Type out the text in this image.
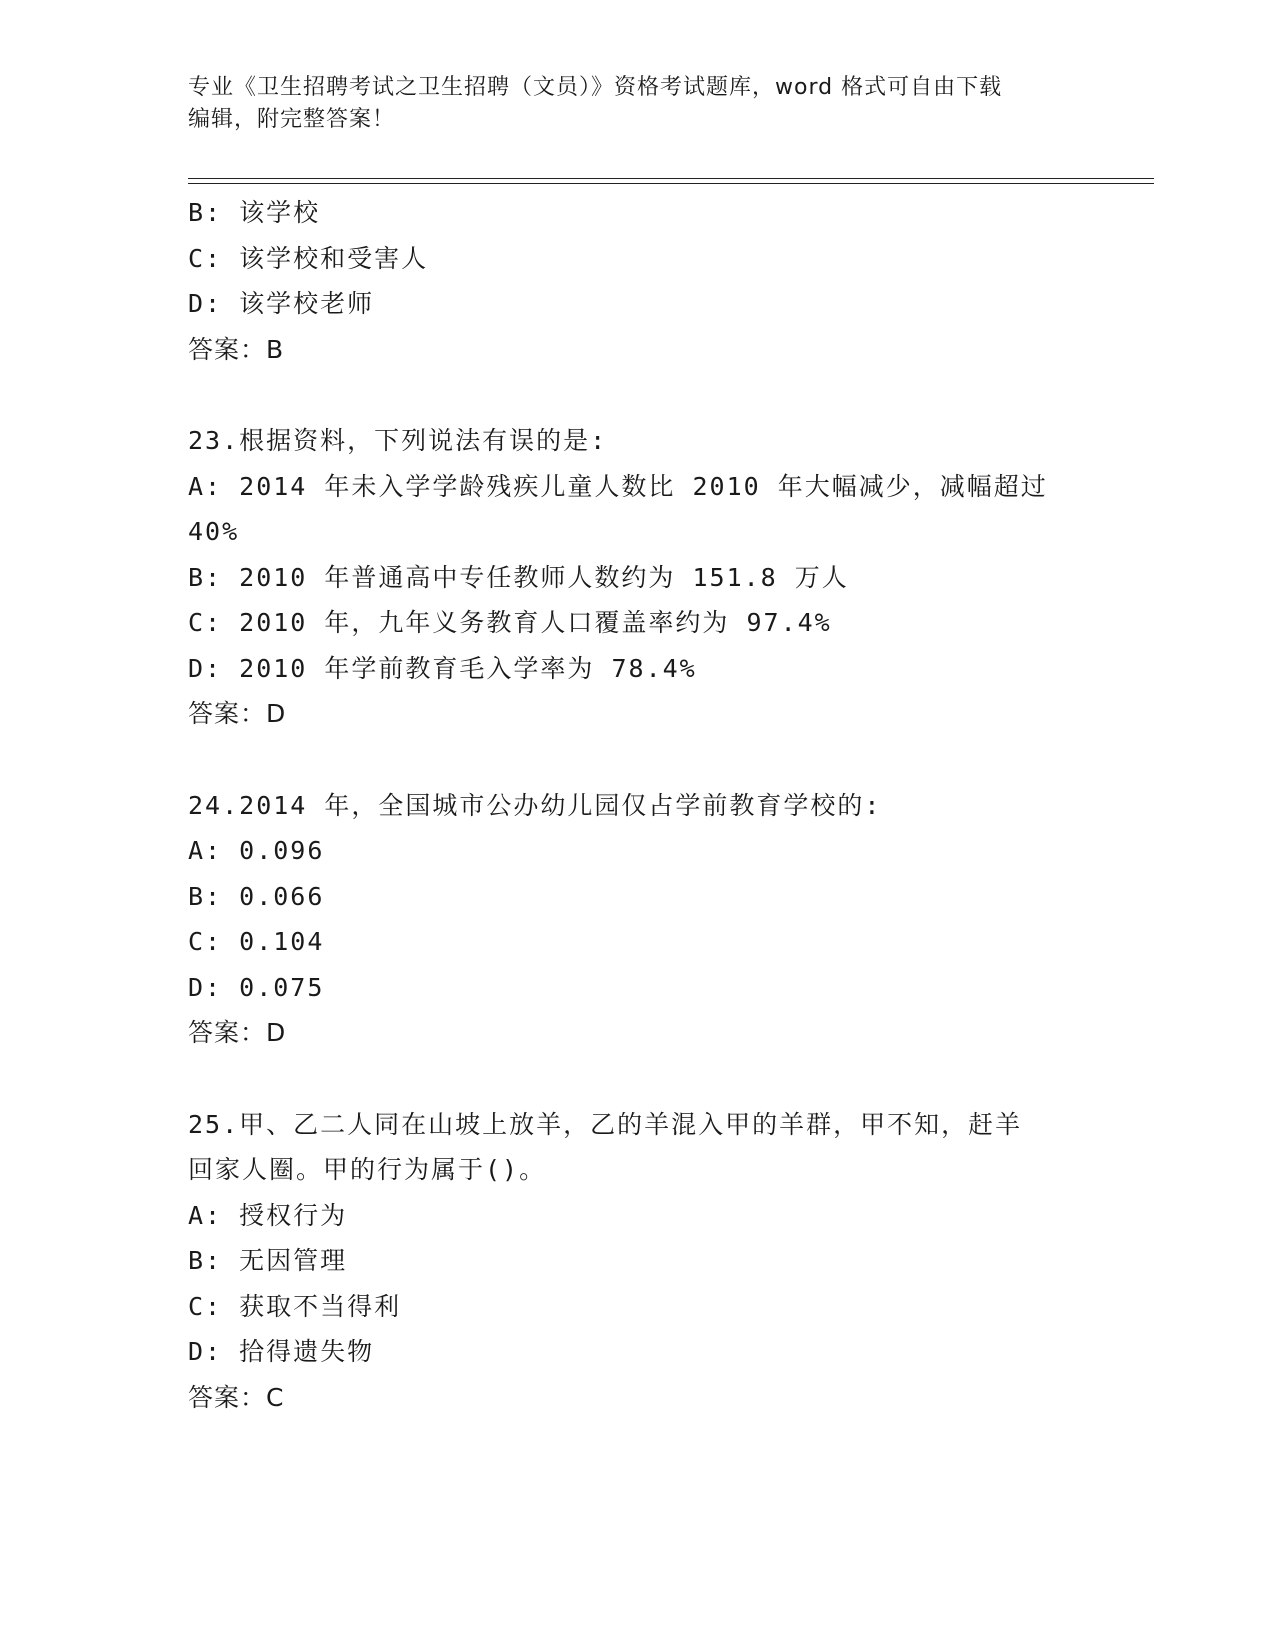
专业《卫生招聘考试之卫生招聘（文员）》资格考试题库，word 格式可自由下载
编辑，附完整答案！
B: 该学校
C: 该学校和受害人
D: 该学校老师
答案：B
23.根据资料，下列说法有误的是:
A: 2014 年未入学学龄残疾儿童人数比 2010 年大幅减少，减幅超过
40%
B: 2010 年普通高中专任教师人数约为 151.8 万人
C: 2010 年，九年义务教育人口覆盖率约为 97.4%
D: 2010 年学前教育毛入学率为 78.4%
答案：D
24.2014 年，全国城市公办幼儿园仅占学前教育学校的:
A: 0.096
B: 0.066
C: 0.104
D: 0.075
答案：D
25.甲、乙二人同在山坡上放羊，乙的羊混入甲的羊群，甲不知，赶羊
回家人圈。甲的行为属于()。
A: 授权行为
B: 无因管理
C: 获取不当得利
D: 拾得遗失物
答案：C
